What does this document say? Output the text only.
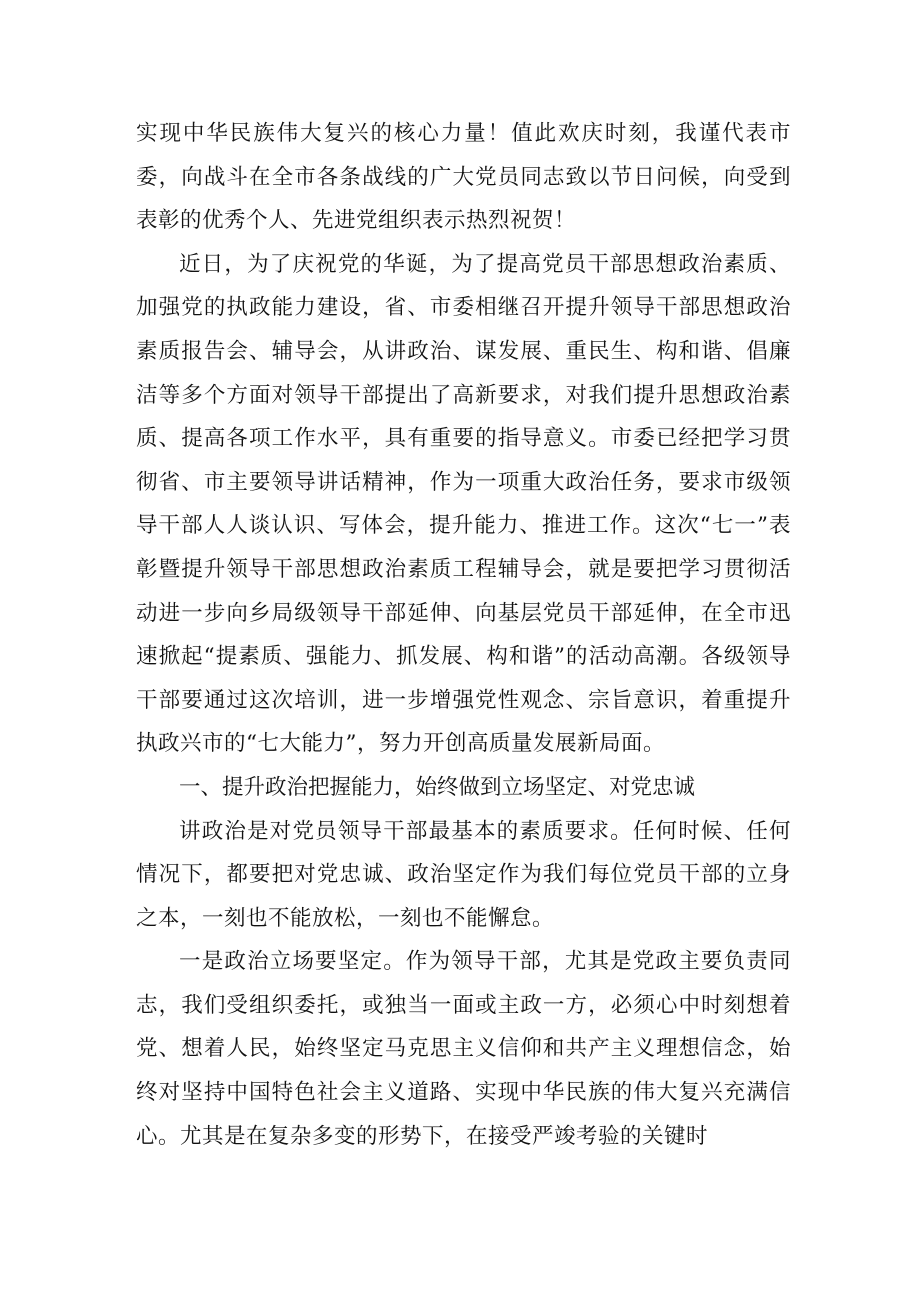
实现中华民族伟大复兴的核心力量！值此欢庆时刻，我谨代表市委，向战斗在全市各条战线的广大党员同志致以节日问候，向受到表彰的优秀个人、先进党组织表示热烈祝贺！

近日，为了庆祝党的华诞，为了提高党员干部思想政治素质、加强党的执政能力建设，省、市委相继召开提升领导干部思想政治素质报告会、辅导会，从讲政治、谋发展、重民生、构和谐、倡廉洁等多个方面对领导干部提出了高新要求，对我们提升思想政治素质、提高各项工作水平，具有重要的指导意义。市委已经把学习贯彻省、市主要领导讲话精神，作为一项重大政治任务，要求市级领导干部人人谈认识、写体会，提升能力、推进工作。这次“七一”表彰暨提升领导干部思想政治素质工程辅导会，就是要把学习贯彻活动进一步向乡局级领导干部延伸、向基层党员干部延伸，在全市迅速掀起“提素质、强能力、抓发展、构和谐”的活动高潮。各级领导干部要通过这次培训，进一步增强党性观念、宗旨意识，着重提升执政兴市的“七大能力”，努力开创高质量发展新局面。

一、提升政治把握能力，始终做到立场坚定、对党忠诚

讲政治是对党员领导干部最基本的素质要求。任何时候、任何情况下，都要把对党忠诚、政治坚定作为我们每位党员干部的立身之本，一刻也不能放松，一刻也不能懈怠。

一是政治立场要坚定。作为领导干部，尤其是党政主要负责同志，我们受组织委托，或独当一面或主政一方，必须心中时刻想着党、想着人民，始终坚定马克思主义信仰和共产主义理想信念，始终对坚持中国特色社会主义道路、实现中华民族的伟大复兴充满信心。尤其是在复杂多变的形势下，在接受严竣考验的关键时
